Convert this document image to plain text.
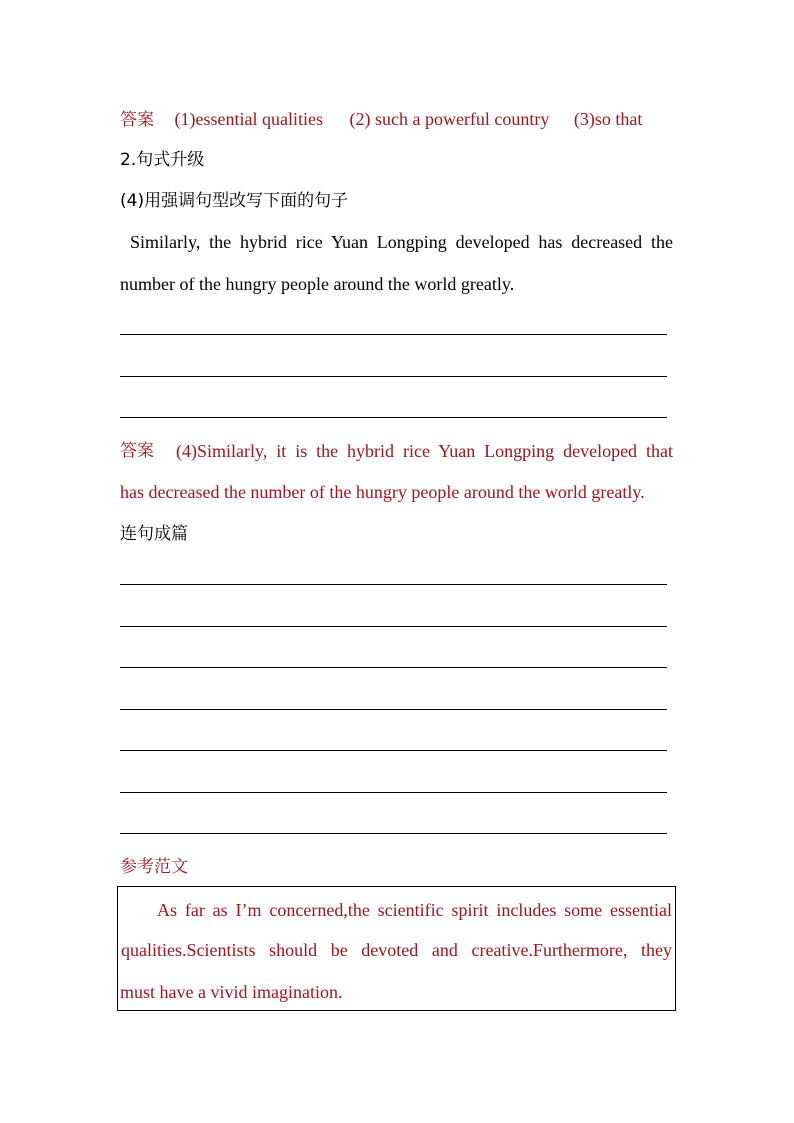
答案 (1)essential qualities (2) such a powerful country (3)so that
2.句式升级
(4)用强调句型改写下面的句子
Similarly, the hybrid rice Yuan Longping developed has decreased the
number of the hungry people around the world greatly.
答案 (4)Similarly, it is the hybrid rice Yuan Longping developed that
has decreased the number of the hungry people around the world greatly.
连句成篇
参考范文
As far as I’m concerned,the scientific spirit includes some essential
qualities.Scientists should be devoted and creative.Furthermore, they
must have a vivid imagination.
